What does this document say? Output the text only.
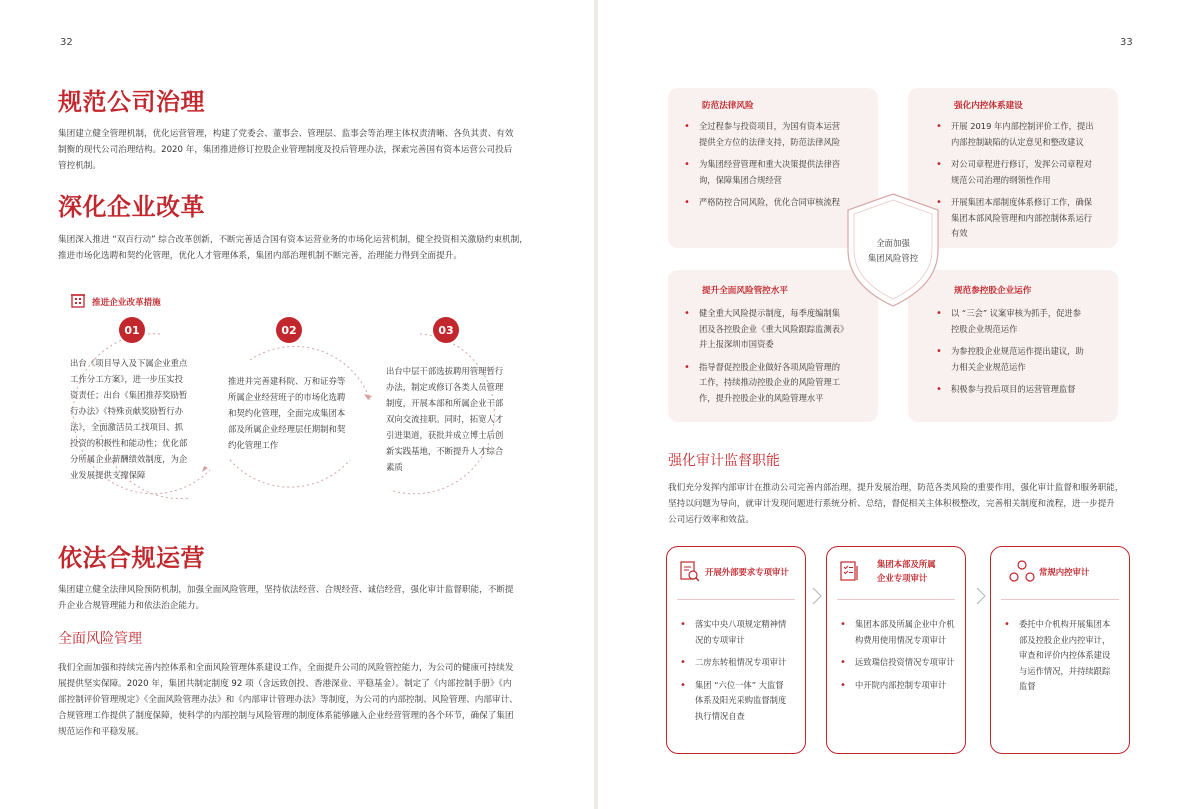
32
规范公司治理
集团建立健全管理机制，优化运营管理，构建了党委会、董事会、管理层、监事会等治理主体权责清晰、各负其责、有效
制衡的现代公司治理结构。2020 年，集团推进修订控股企业管理制度及投后管理办法，探索完善国有资本运营公司投后
管控机制。
深化企业改革
集团深入推进 “双百行动” 综合改革创新，不断完善适合国有资本运营业务的市场化运营机制，健全投资相关激励约束机制，
推进市场化选聘和契约化管理，优化人才管理体系，集团内部治理机制不断完善，治理能力得到全面提升。
推进企业改革措施
01	02	03
出台《项目导入及下属企业重点
工作分工方案》，进一步压实投
资责任；出台《集团推荐奖励暂
行办法》《特殊贡献奖励暂行办
法》，全面激活员工找项目、抓
投资的积极性和能动性；优化部
分所属企业薪酬绩效制度，为企
业发展提供支撑保障
推进并完善建科院、万和证券等
所属企业经营班子的市场化选聘
和契约化管理，全面完成集团本
部及所属企业经理层任期制和契
约化管理工作
出台中层干部选拔聘用管理暂行
办法，制定或修订各类人员管理
制度，开展本部和所属企业干部
双向交流挂职。同时，拓宽人才
引进渠道，获批并成立博士后创
新实践基地，不断提升人才综合
素质
依法合规运营
集团建立健全法律风险预防机制，加强全面风险管理，坚持依法经营、合规经营、诚信经营，强化审计监督职能，不断提
升企业合规管理能力和依法治企能力。
全面风险管理
我们全面加强和持续完善内控体系和全面风险管理体系建设工作，全面提升公司的风险管控能力，为公司的健康可持续发
展提供坚实保障。2020 年，集团共制定制度 92 项（含远致创投、香港深业、平稳基金）。制定了《内部控制手册》《内
部控制评价管理规定》《全面风险管理办法》和《内部审计管理办法》等制度，为公司的内部控制、风险管理、内部审计、
合规管理工作提供了制度保障，使科学的内部控制与风险管理的制度体系能够融入企业经营管理的各个环节，确保了集团
规范运作和平稳发展。
33
全面加强
集团风险管控
防范法律风险
• 全过程参与投资项目，为国有资本运营
提供全方位的法律支持，防范法律风险
• 为集团经营管理和重大决策提供法律咨
询，保障集团合规经营
• 严格防控合同风险，优化合同审核流程
强化内控体系建设
• 开展 2019 年内部控制评价工作，提出
内部控制缺陷的认定意见和整改建议
• 对公司章程进行修订，发挥公司章程对
规范公司治理的纲领性作用
• 开展集团本部制度体系修订工作，确保
集团本部风险管理和内部控制体系运行
有效
提升全面风险管控水平
• 健全重大风险提示制度，每季度编制集
团及各控股企业《重大风险跟踪监测表》
并上报深圳市国资委
• 指导督促控股企业做好各项风险管理的
工作，持续推动控股企业的风险管理工
作，提升控股企业的风险管理水平
规范参控股企业运作
• 以 “三会” 议案审核为抓手，促进参
控股企业规范运作
• 为参控股企业规范运作提出建议，助
力相关企业规范运作
• 积极参与投后项目的运营管理监督
强化审计监督职能
我们充分发挥内部审计在推动公司完善内部治理，提升发展治理，防范各类风险的重要作用，强化审计监督和服务职能，
坚持以问题为导向，就审计发现问题进行系统分析、总结，督促相关主体积极整改，完善相关制度和流程，进一步提升
公司运行效率和效益。
开展外部要求专项审计
• 落实中央八项规定精神情
况的专项审计
• 二房东转租情况专项审计
• 集团 “六位一体” 大监督
体系及阳光采购监督制度
执行情况自查
集团本部及所属
企业专项审计
• 集团本部及所属企业中介机
构费用使用情况专项审计
• 远致瑞信投资情况专项审计
• 中开院内部控制专项审计
常规内控审计
• 委托中介机构开展集团本
部及控股企业内控审计，
审查和评价内控体系建设
与运作情况，并持续跟踪
监督
